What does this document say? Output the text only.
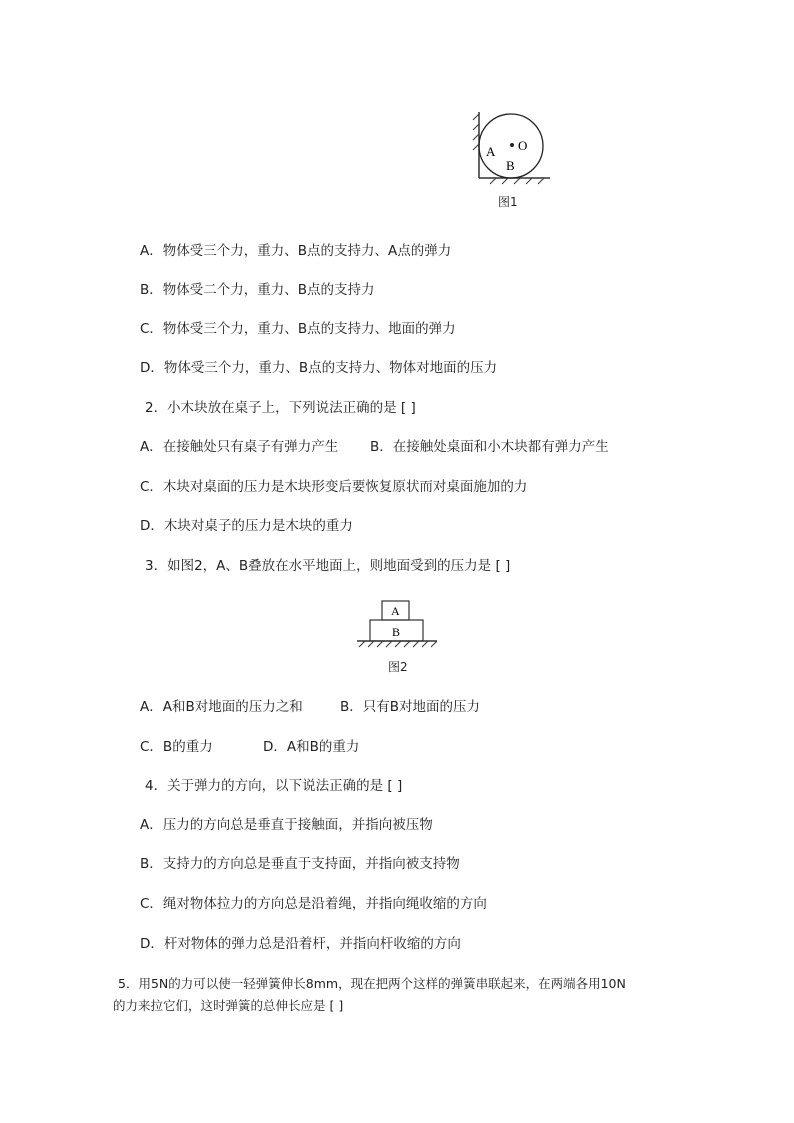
A O
B
图1
A．物体受三个力，重力、B点的支持力、A点的弹力
B．物体受二个力，重力、B点的支持力
C．物体受三个力，重力、B点的支持力、地面的弹力
D．物体受三个力，重力、B点的支持力、物体对地面的压力
2．小木块放在桌子上，下列说法正确的是 [ ]
A．在接触处只有桌子有弹力产生 B．在接触处桌面和小木块都有弹力产生
C．木块对桌面的压力是木块形变后要恢复原状而对桌面施加的力
D．木块对桌子的压力是木块的重力
3．如图2，A、B叠放在水平地面上，则地面受到的压力是 [ ]
A
B
图2
A．A和B对地面的压力之和	B．只有B对地面的压力
C．B的重力	D．A和B的重力
4．关于弹力的方向，以下说法正确的是 [ ]
A．压力的方向总是垂直于接触面，并指向被压物
B．支持力的方向总是垂直于支持面，并指向被支持物
C．绳对物体拉力的方向总是沿着绳，并指向绳收缩的方向
D．杆对物体的弹力总是沿着杆，并指向杆收缩的方向
5．用5N的力可以使一轻弹簧伸长8mm，现在把两个这样的弹簧串联起来，在两端各用10N
的力来拉它们，这时弹簧的总伸长应是 [ ]
